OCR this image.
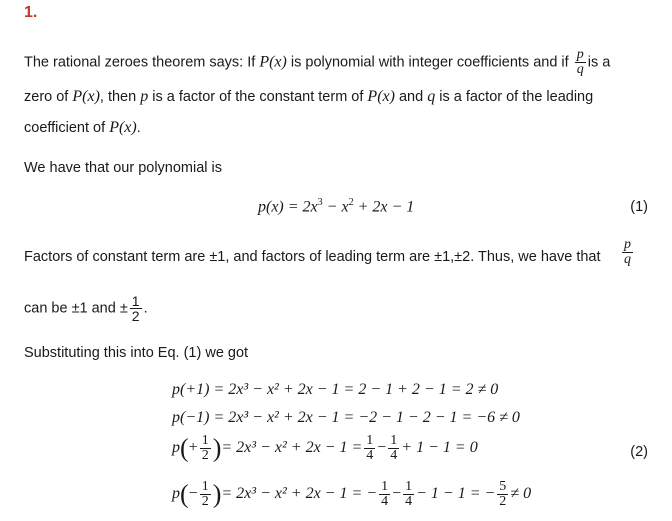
1.
The rational zeroes theorem says: If P(x) is polynomial with integer coefficients and if $\frac{p}{q}$ is a
zero of P(x), then p is a factor of the constant term of P(x) and q is a factor of the leading
coefficient of P(x).
We have that our polynomial is
$p(x) = 2x^3 - x^2 + 2x - 1$	(1)
Factors of constant term are ±1, and factors of leading term are ±1,±2. Thus, we have that $\frac{p}{q}$
can be ±1 and ± $\frac{1}{2}$ .
Substituting this into Eq. (1) we got
p(+1) = 2x³ − x² + 2x − 1 = 2 − 1 + 2 − 1 = 2 ≠ 0
p(−1) = 2x³ − x² + 2x − 1 = −2 − 1 − 2 − 1 = −6 ≠ 0
$p(+ \frac{1}{2}$ )= $2x^3 - x^2 + 2x - 1 = \frac{1}{4} - \frac{1}{4} + 1 - 1 = 0$	(2)
$p(- \frac{1}{2}$ )= 2x³ − x² + 2x − 1 = − $\frac{1}{4} - \frac{1}{4} - 1 - 1$ = − $\frac{5}{2} \ne 0$
